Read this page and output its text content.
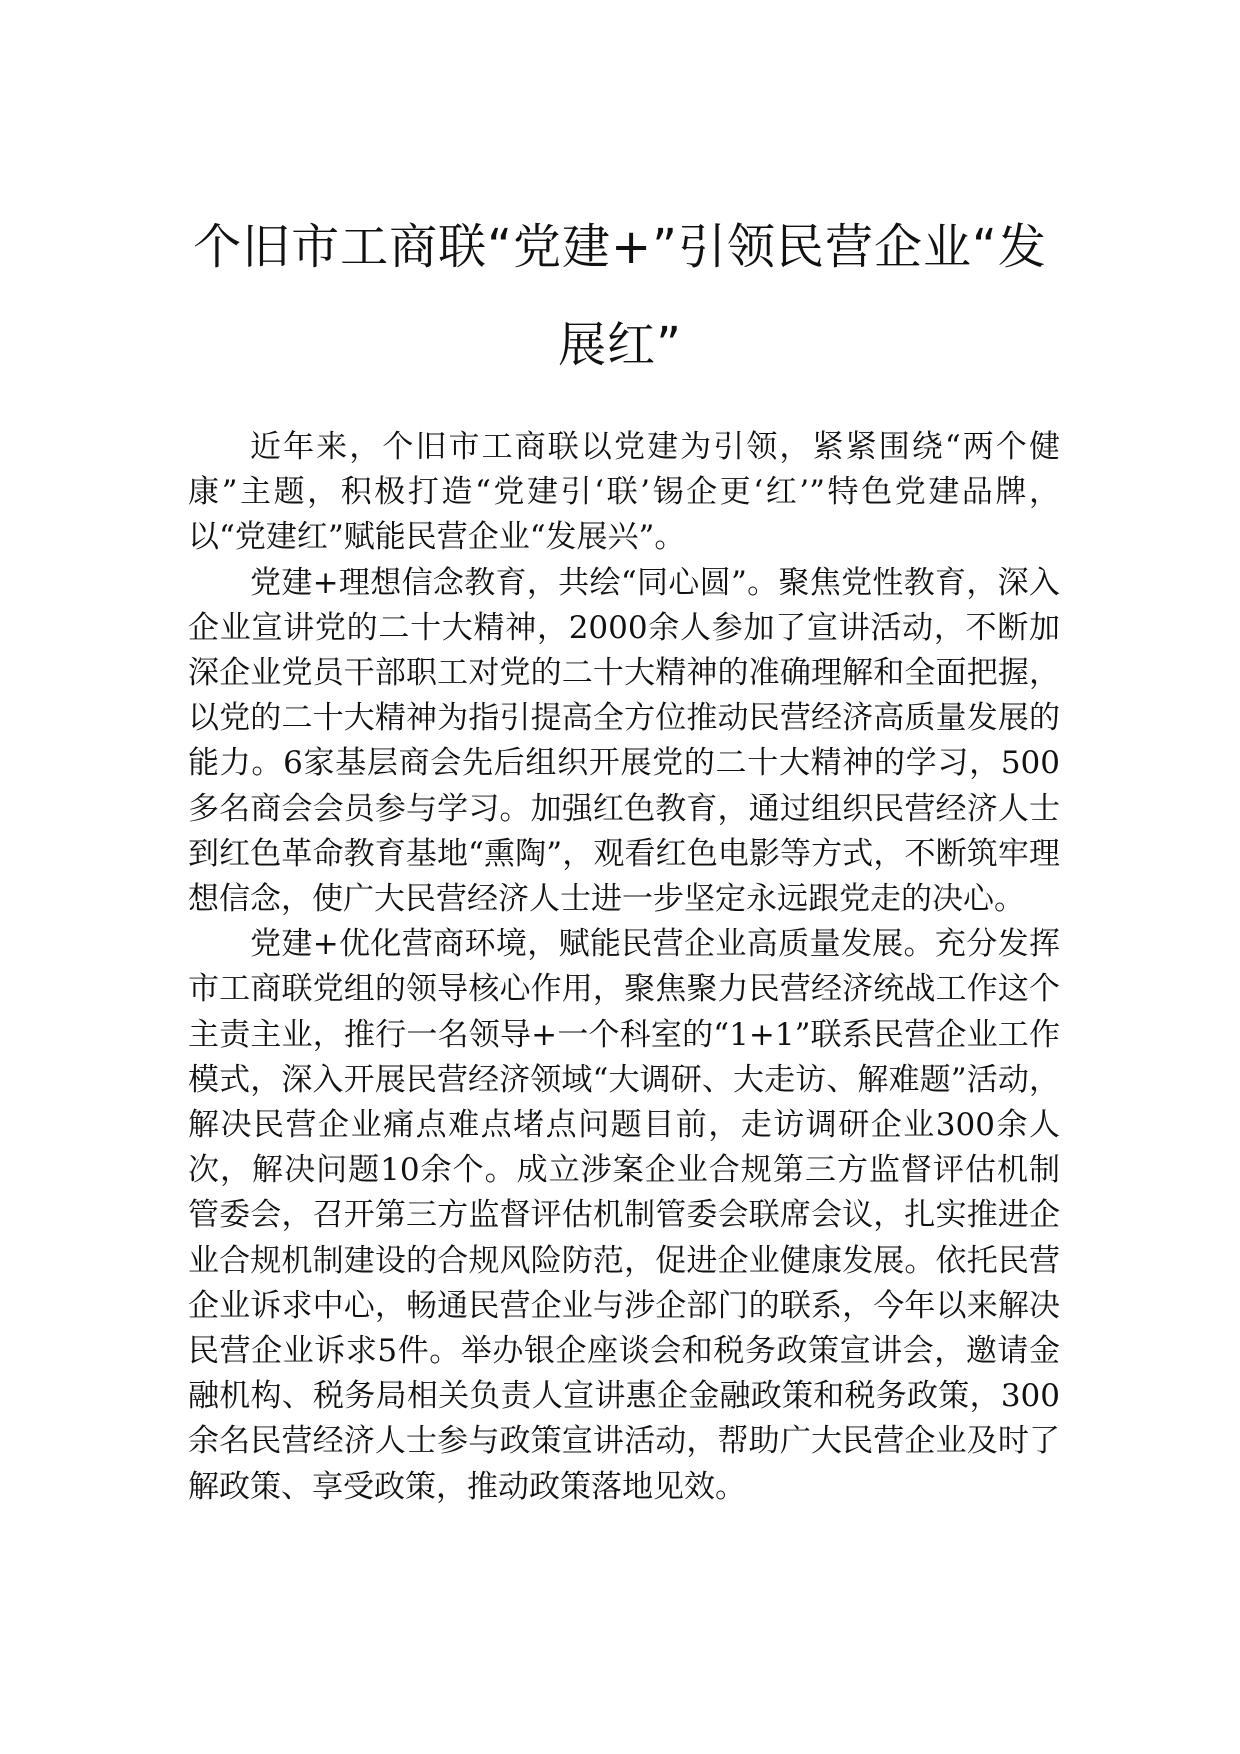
个旧市工商联“党建+”引领民营企业“发展红”

近年来，个旧市工商联以党建为引领，紧紧围绕“两个健康”主题，积极打造“党建引‘联’锡企更‘红’”特色党建品牌，以“党建红”赋能民营企业“发展兴”。

党建+理想信念教育，共绘“同心圆”。聚焦党性教育，深入企业宣讲党的二十大精神，2000余人参加了宣讲活动，不断加深企业党员干部职工对党的二十大精神的准确理解和全面把握，以党的二十大精神为指引提高全方位推动民营经济高质量发展的能力。6家基层商会先后组织开展党的二十大精神的学习，500多名商会会员参与学习。加强红色教育，通过组织民营经济人士到红色革命教育基地“熏陶”，观看红色电影等方式，不断筑牢理想信念，使广大民营经济人士进一步坚定永远跟党走的决心。

党建+优化营商环境，赋能民营企业高质量发展。充分发挥市工商联党组的领导核心作用，聚焦聚力民营经济统战工作这个主责主业，推行一名领导+一个科室的“1+1”联系民营企业工作模式，深入开展民营经济领域“大调研、大走访、解难题”活动，解决民营企业痛点难点堵点问题目前，走访调研企业300余人次，解决问题10余个。成立涉案企业合规第三方监督评估机制管委会，召开第三方监督评估机制管委会联席会议，扎实推进企业合规机制建设的合规风险防范，促进企业健康发展。依托民营企业诉求中心，畅通民营企业与涉企部门的联系，今年以来解决民营企业诉求5件。举办银企座谈会和税务政策宣讲会，邀请金融机构、税务局相关负责人宣讲惠企金融政策和税务政策，300余名民营经济人士参与政策宣讲活动，帮助广大民营企业及时了解政策、享受政策，推动政策落地见效。
